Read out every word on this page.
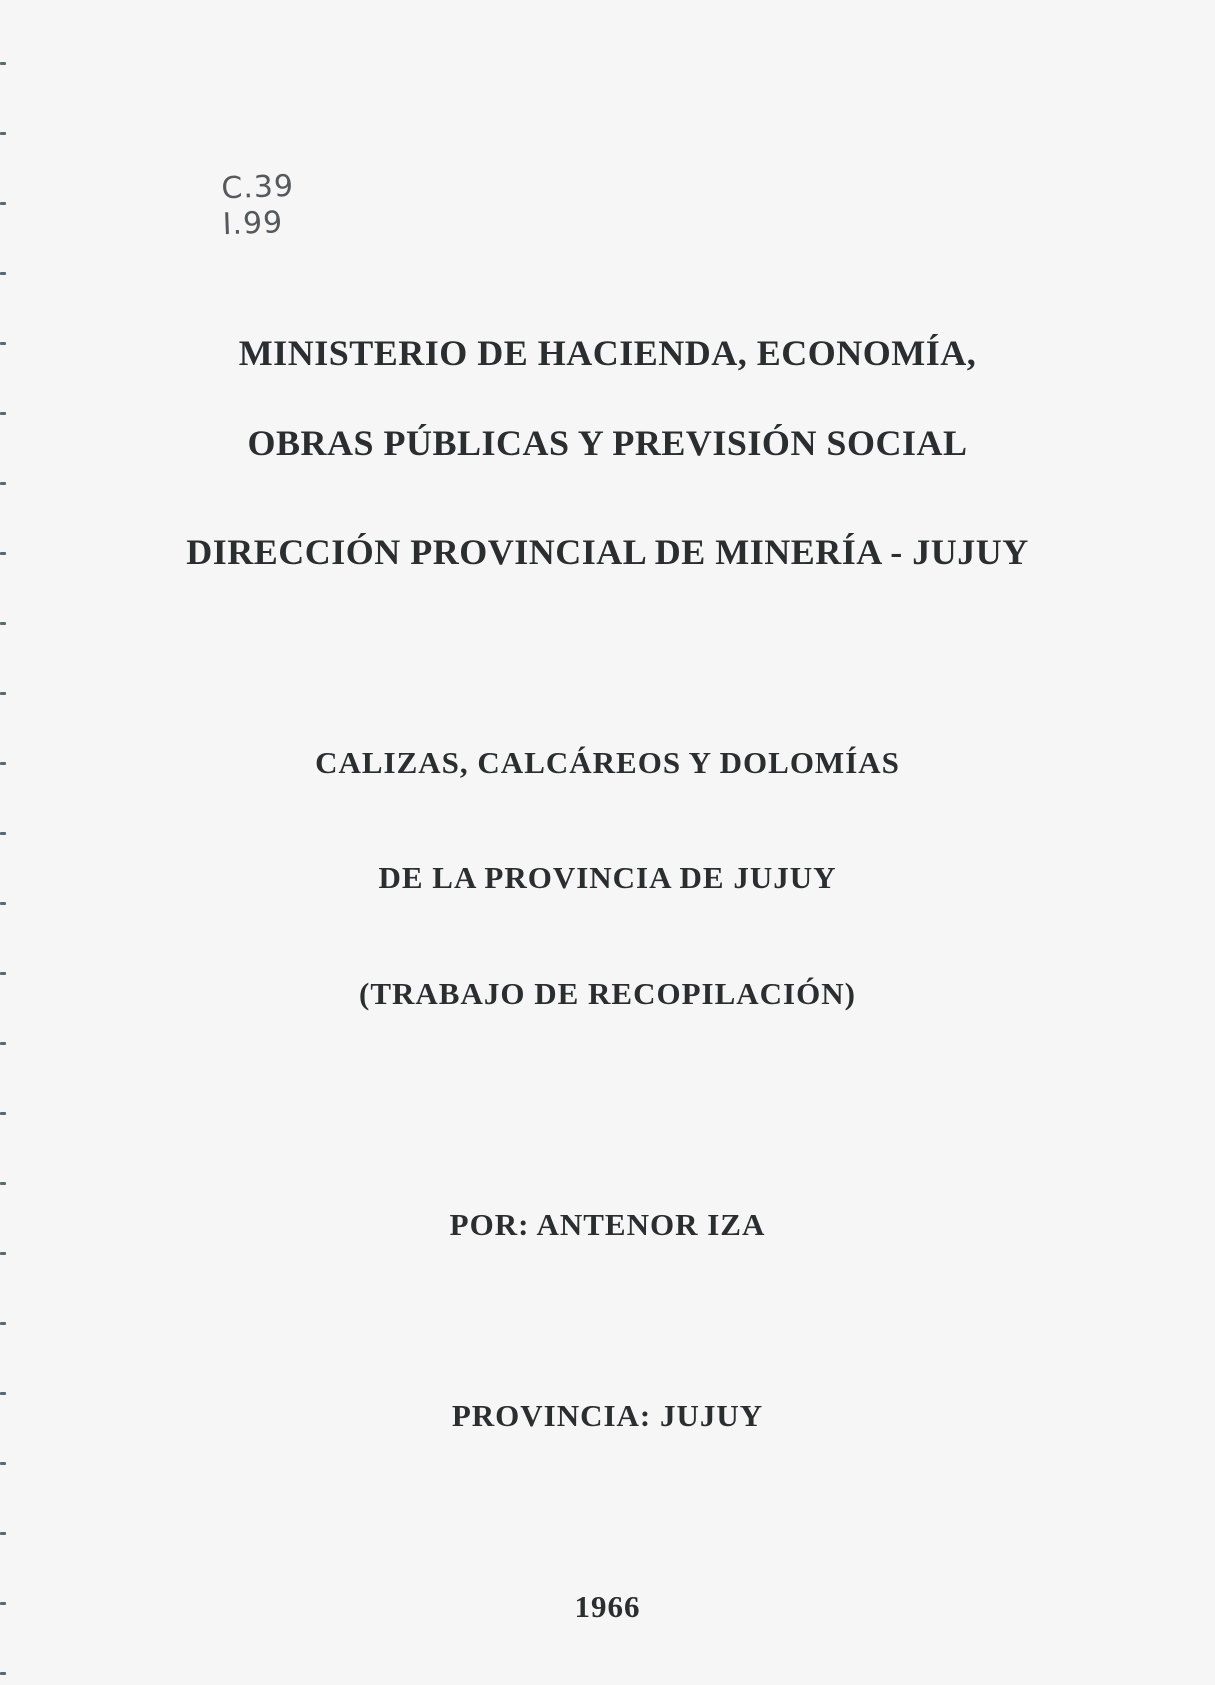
C.39
I.99
MINISTERIO DE HACIENDA, ECONOMÍA,
OBRAS PÚBLICAS Y PREVISIÓN SOCIAL
DIRECCIÓN PROVINCIAL DE MINERÍA - JUJUY
CALIZAS, CALCÁREOS Y DOLOMÍAS
DE LA PROVINCIA DE JUJUY
(TRABAJO DE RECOPILACIÓN)
POR: ANTENOR IZA
PROVINCIA: JUJUY
1966
